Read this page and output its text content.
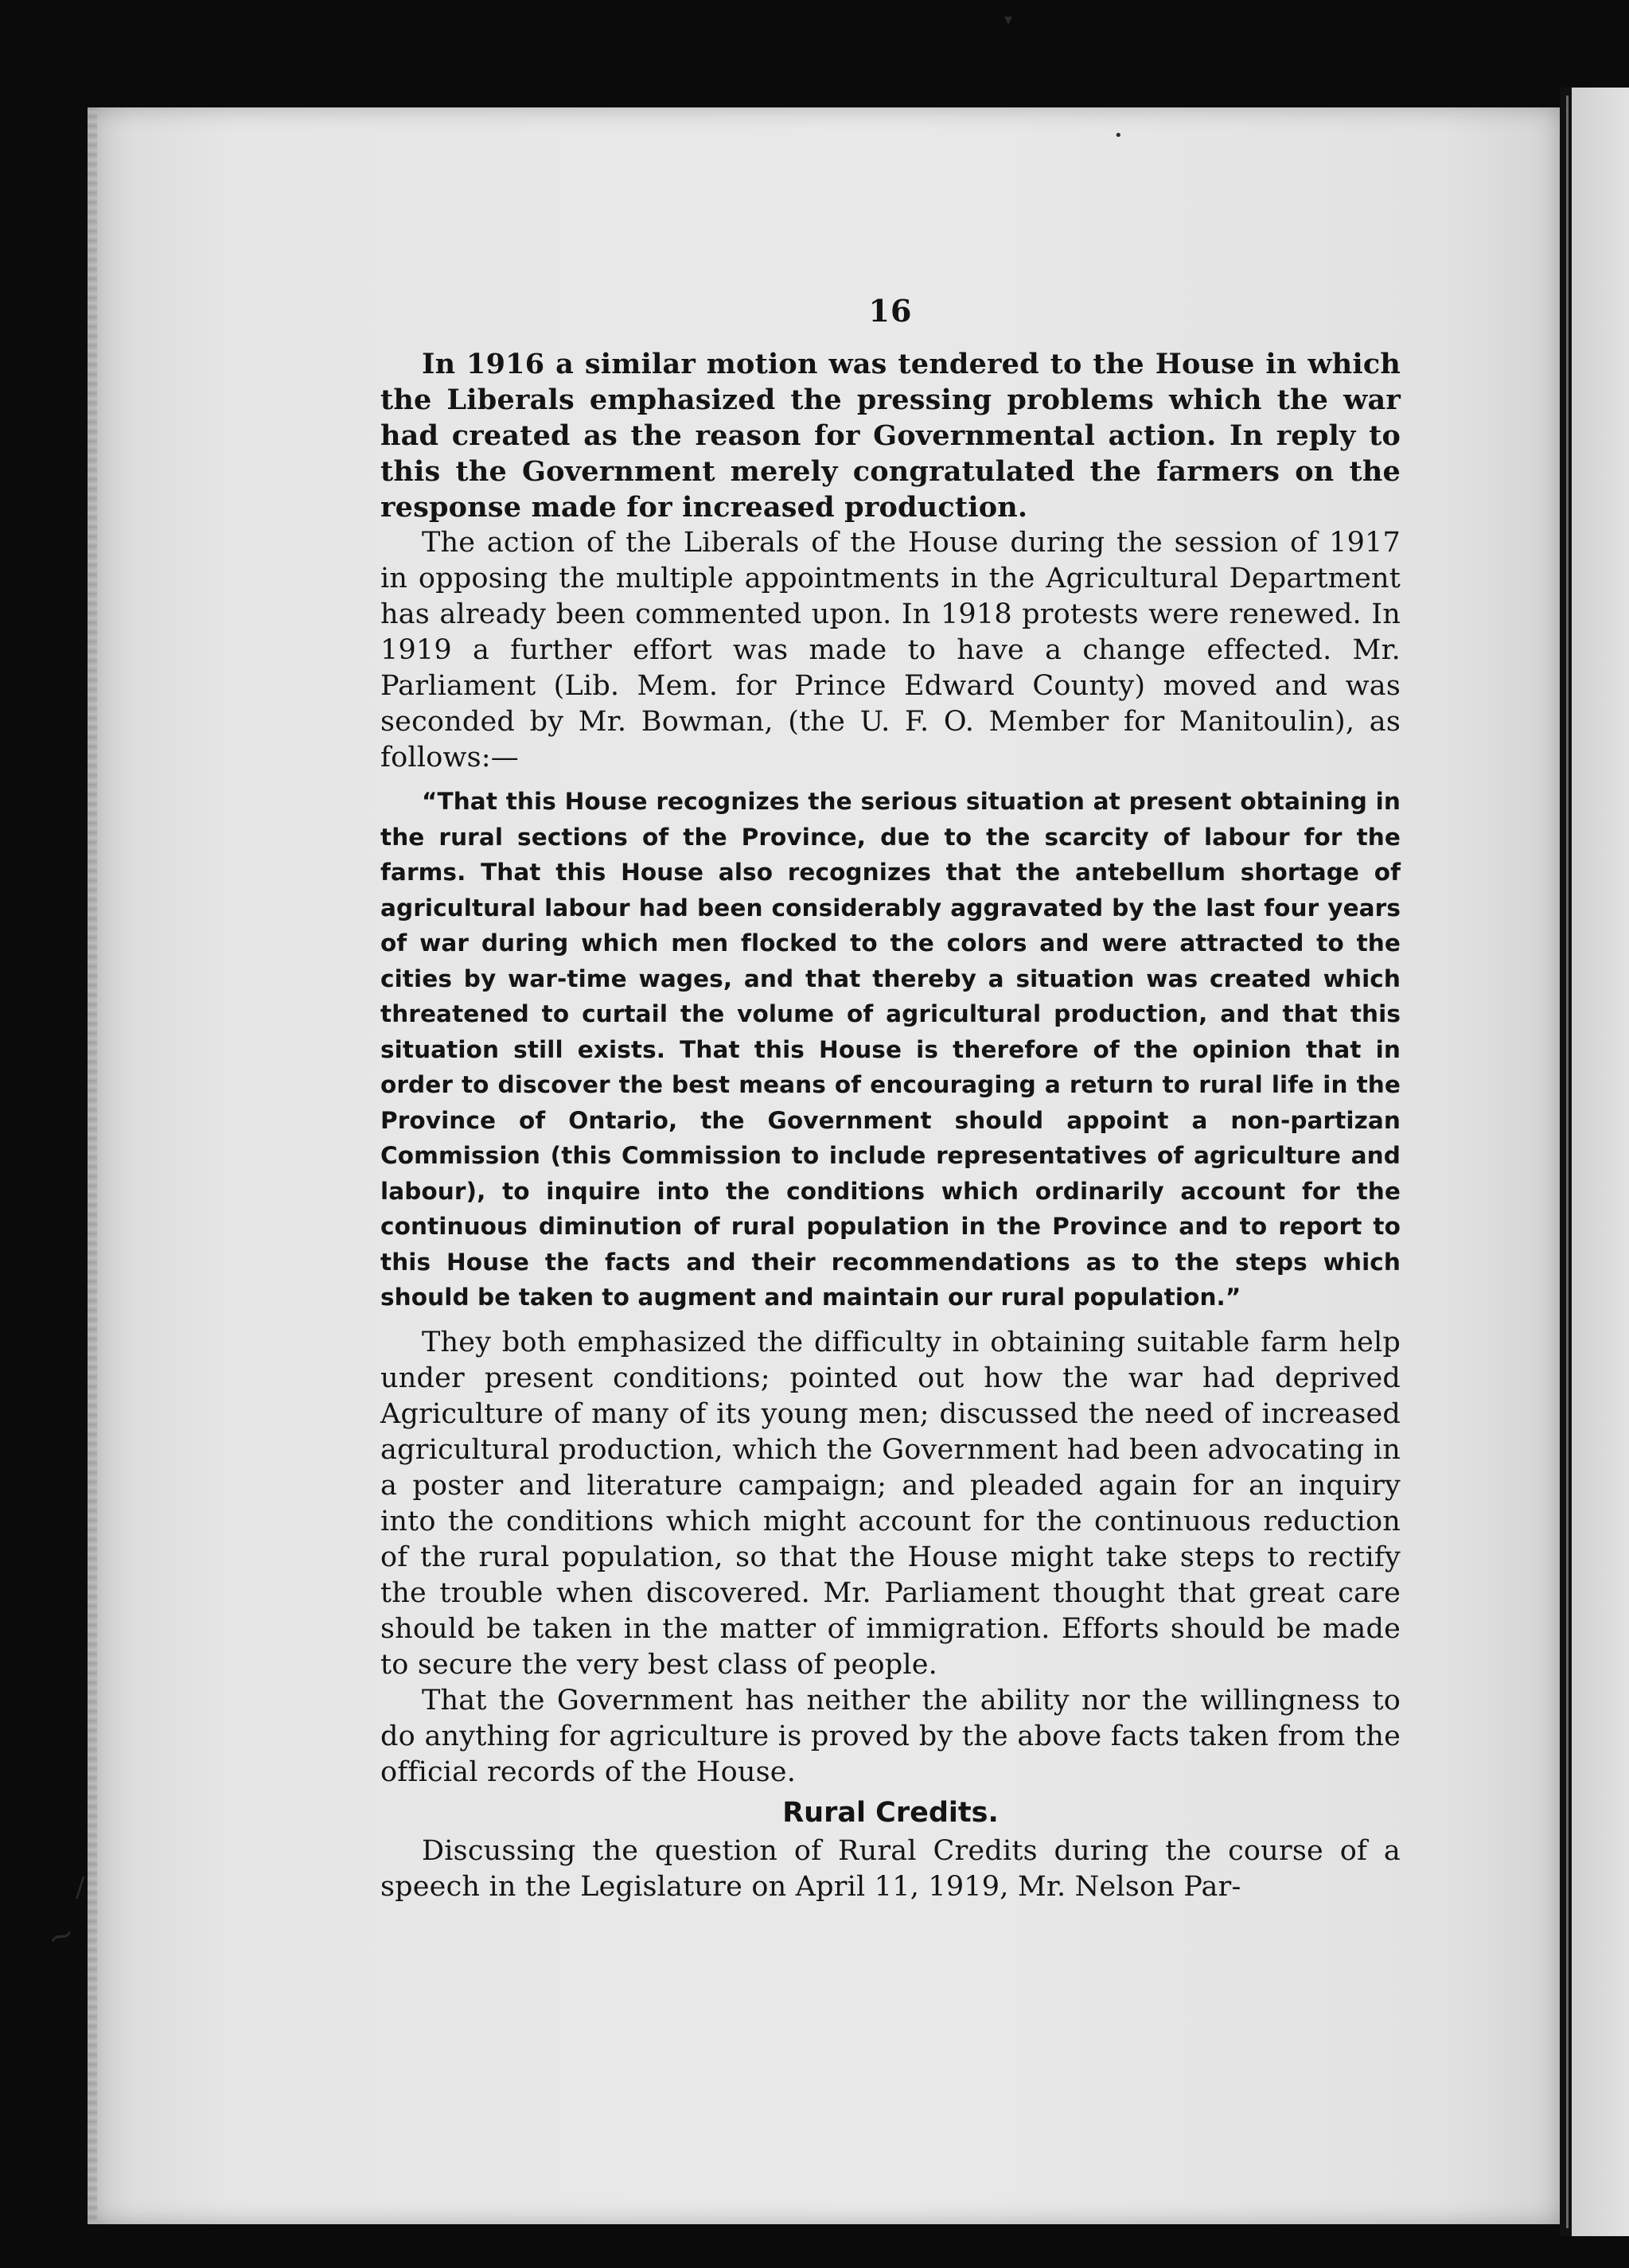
~
/
▾
•
16

In 1916 a similar motion was tendered to the House in which the Liberals emphasized the pressing problems which the war had created as the reason for Governmental action. In reply to this the Government merely congratulated the farmers on the response made for increased production.

The action of the Liberals of the House during the session of 1917 in opposing the multiple appointments in the Agricultural Department has already been commented upon. In 1918 protests were renewed. In 1919 a further effort was made to have a change effected. Mr. Parliament (Lib. Mem. for Prince Edward County) moved and was seconded by Mr. Bowman, (the U. F. O. Member for Manitoulin), as follows:—

“That this House recognizes the serious situation at present obtaining in the rural sections of the Province, due to the scarcity of labour for the farms. That this House also recognizes that the antebellum shortage of agricultural labour had been considerably aggravated by the last four years of war during which men flocked to the colors and were attracted to the cities by war-time wages, and that thereby a situation was created which threatened to curtail the volume of agricultural production, and that this situation still exists. That this House is therefore of the opinion that in order to discover the best means of encouraging a return to rural life in the Province of Ontario, the Government should appoint a non-partizan Commission (this Commission to include representatives of agriculture and labour), to inquire into the conditions which ordinarily account for the continuous diminution of rural population in the Province and to report to this House the facts and their recommendations as to the steps which should be taken to augment and maintain our rural population.”

They both emphasized the difficulty in obtaining suitable farm help under present conditions; pointed out how the war had deprived Agriculture of many of its young men; discussed the need of increased agricultural production, which the Government had been advocating in a poster and literature campaign; and pleaded again for an inquiry into the conditions which might account for the continuous reduction of the rural population, so that the House might take steps to rectify the trouble when discovered. Mr. Parliament thought that great care should be taken in the matter of immigration. Efforts should be made to secure the very best class of people.

That the Government has neither the ability nor the willingness to do anything for agriculture is proved by the above facts taken from the official records of the House.

Rural Credits.

Discussing the question of Rural Credits during the course of a speech in the Legislature on April 11, 1919, Mr. Nelson Par-
